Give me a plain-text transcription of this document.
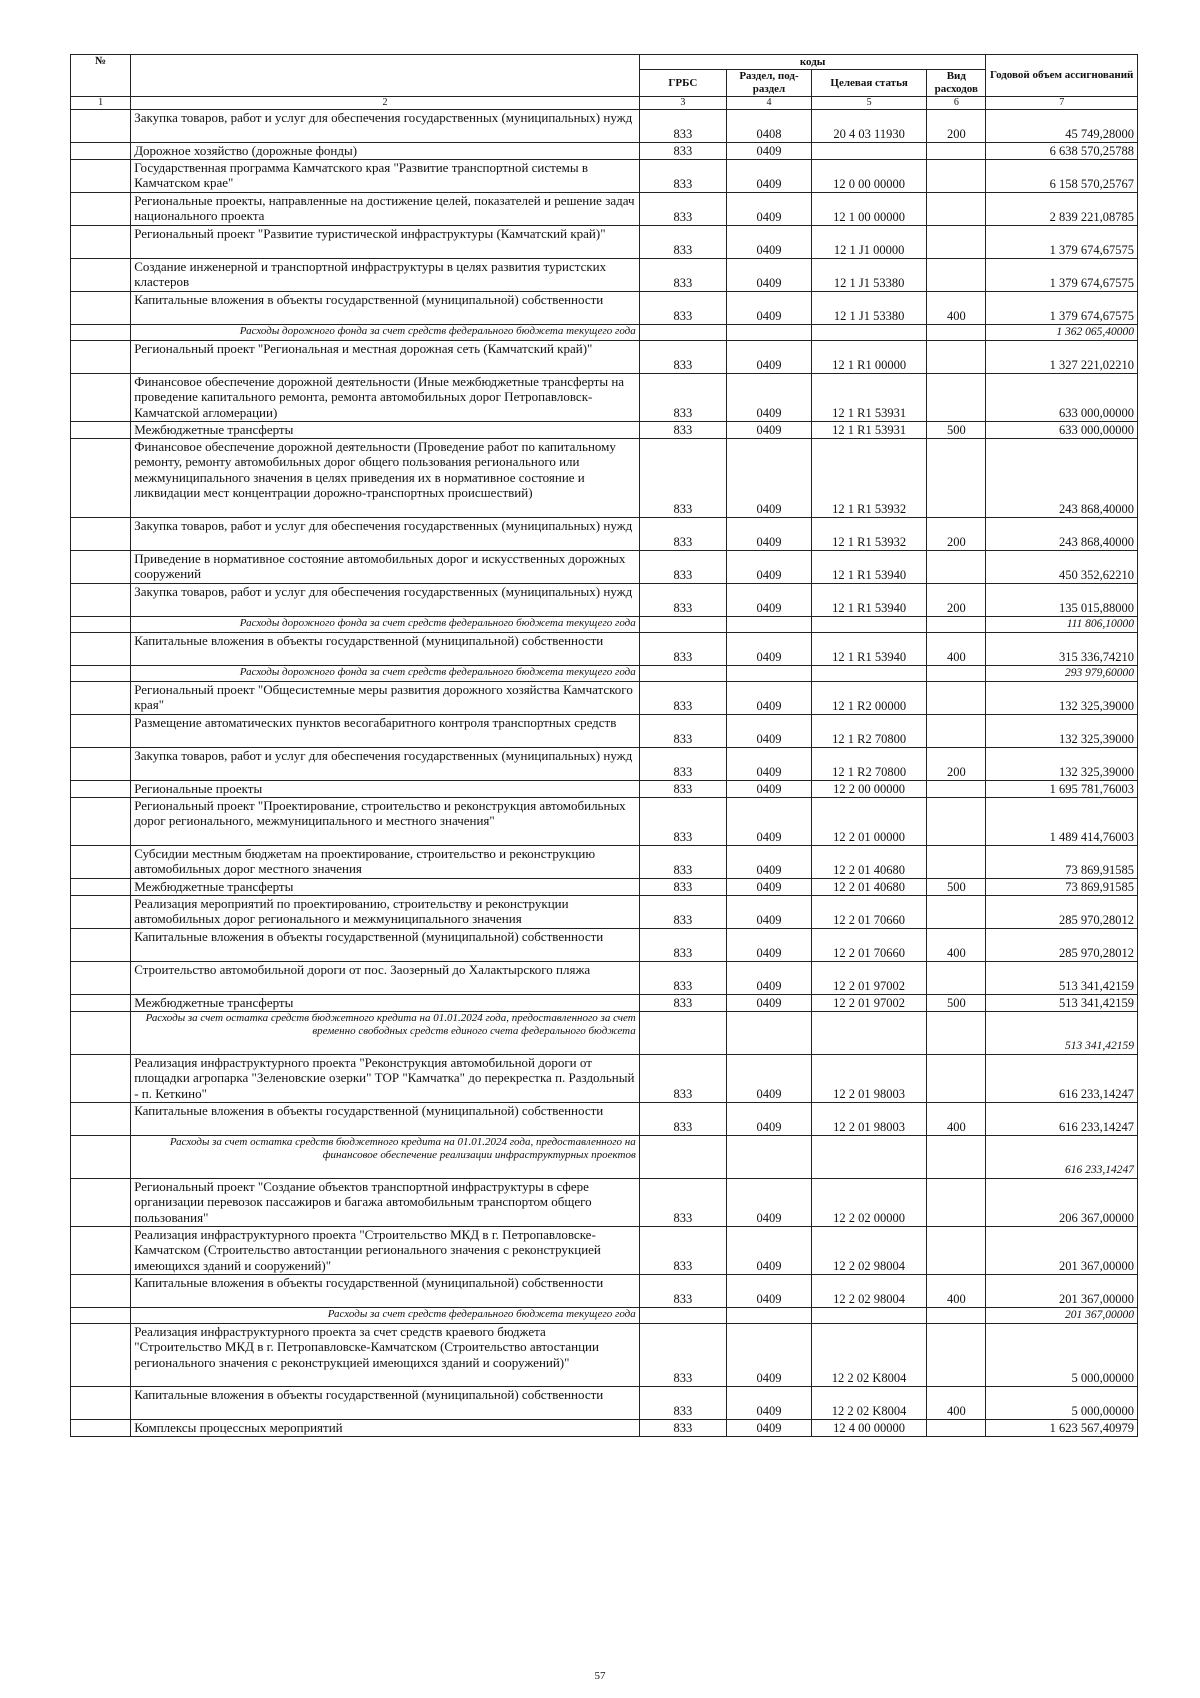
№		коды				Годовой объем ассигнований
		ГРБС	Раздел, под-раздел	Целевая статья	Вид расходов	
1	2	3	4	5	6	7
	Закупка товаров, работ и услуг для обеспечения государственных (муниципальных) нужд	833	0408	20 4 03 11930	200	45 749,28000
	Дорожное хозяйство (дорожные фонды)	833	0409			6 638 570,25788
	Государственная программа Камчатского края "Развитие транспортной системы в Камчатском крае"	833	0409	12 0 00 00000		6 158 570,25767
	Региональные проекты, направленные на достижение целей, показателей и решение задач национального проекта	833	0409	12 1 00 00000		2 839 221,08785
	Региональный проект "Развитие туристической инфраструктуры (Камчатский край)"	833	0409	12 1 J1 00000		1 379 674,67575
	Создание инженерной и транспортной инфраструктуры в целях развития туристских кластеров	833	0409	12 1 J1 53380		1 379 674,67575
	Капитальные вложения в объекты государственной (муниципальной) собственности	833	0409	12 1 J1 53380	400	1 379 674,67575
	Расходы дорожного фонда за счет средств федерального бюджета текущего года					1 362 065,40000
	Региональный проект "Региональная и местная дорожная сеть (Камчатский край)"	833	0409	12 1 R1 00000		1 327 221,02210
	Финансовое обеспечение дорожной деятельности (Иные межбюджетные трансферты на проведение капитального ремонта, ремонта автомобильных дорог Петропавловск-Камчатской агломерации)	833	0409	12 1 R1 53931		633 000,00000
	Межбюджетные трансферты	833	0409	12 1 R1 53931	500	633 000,00000
	Финансовое обеспечение дорожной деятельности (Проведение работ по капитальному ремонту, ремонту автомобильных дорог общего пользования регионального или межмуниципального значения в целях приведения их в нормативное состояние и ликвидации мест концентрации дорожно-транспортных происшествий)	833	0409	12 1 R1 53932		243 868,40000
	Закупка товаров, работ и услуг для обеспечения государственных (муниципальных) нужд	833	0409	12 1 R1 53932	200	243 868,40000
	Приведение в нормативное состояние автомобильных дорог и искусственных дорожных сооружений	833	0409	12 1 R1 53940		450 352,62210
	Закупка товаров, работ и услуг для обеспечения государственных (муниципальных) нужд	833	0409	12 1 R1 53940	200	135 015,88000
	Расходы дорожного фонда за счет средств федерального бюджета текущего года					111 806,10000
	Капитальные вложения в объекты государственной (муниципальной) собственности	833	0409	12 1 R1 53940	400	315 336,74210
	Расходы дорожного фонда за счет средств федерального бюджета текущего года					293 979,60000
	Региональный проект "Общесистемные меры развития дорожного хозяйства Камчатского края"	833	0409	12 1 R2 00000		132 325,39000
	Размещение автоматических пунктов весогабаритного контроля транспортных средств	833	0409	12 1 R2 70800		132 325,39000
	Закупка товаров, работ и услуг для обеспечения государственных (муниципальных) нужд	833	0409	12 1 R2 70800	200	132 325,39000
	Региональные проекты	833	0409	12 2 00 00000		1 695 781,76003
	Региональный проект "Проектирование, строительство и реконструкция автомобильных дорог регионального, межмуниципального и местного значения"	833	0409	12 2 01 00000		1 489 414,76003
	Субсидии местным бюджетам на проектирование, строительство и реконструкцию автомобильных дорог местного значения	833	0409	12 2 01 40680		73 869,91585
	Межбюджетные трансферты	833	0409	12 2 01 40680	500	73 869,91585
	Реализация мероприятий по проектированию, строительству и реконструкции автомобильных дорог регионального и межмуниципального значения	833	0409	12 2 01 70660		285 970,28012
	Капитальные вложения в объекты государственной (муниципальной) собственности	833	0409	12 2 01 70660	400	285 970,28012
	Строительство автомобильной дороги от пос. Заозерный до Халактырского пляжа	833	0409	12 2 01 97002		513 341,42159
	Межбюджетные трансферты	833	0409	12 2 01 97002	500	513 341,42159
	Расходы за счет остатка средств бюджетного кредита на 01.01.2024 года, предоставленного за счет временно свободных средств единого счета федерального бюджета					513 341,42159
	Реализация инфраструктурного проекта "Реконструкция автомобильной дороги от площадки агропарка "Зеленовские озерки" ТОР "Камчатка" до перекрестка п. Раздольный - п. Кеткино"	833	0409	12 2 01 98003		616 233,14247
	Капитальные вложения в объекты государственной (муниципальной) собственности	833	0409	12 2 01 98003	400	616 233,14247
	Расходы за счет остатка средств бюджетного кредита на 01.01.2024 года, предоставленного на финансовое обеспечение реализации инфраструктурных проектов					616 233,14247
	Региональный проект "Создание объектов транспортной инфраструктуры в сфере организации перевозок пассажиров и багажа автомобильным транспортом общего пользования"	833	0409	12 2 02 00000		206 367,00000
	Реализация инфраструктурного проекта "Строительство МКД в г. Петропавловске-Камчатском (Строительство автостанции регионального значения с реконструкцией имеющихся зданий и сооружений)"	833	0409	12 2 02 98004		201 367,00000
	Капитальные вложения в объекты государственной (муниципальной) собственности	833	0409	12 2 02 98004	400	201 367,00000
	Расходы за счет средств федерального бюджета текущего года					201 367,00000
	Реализация инфраструктурного проекта за счет средств краевого бюджета "Строительство МКД в г. Петропавловске-Камчатском (Строительство автостанции регионального значения с реконструкцией имеющихся зданий и сооружений)"	833	0409	12 2 02 K8004		5 000,00000
	Капитальные вложения в объекты государственной (муниципальной) собственности	833	0409	12 2 02 K8004	400	5 000,00000
	Комплексы процессных мероприятий	833	0409	12 4 00 00000		1 623 567,40979
57
